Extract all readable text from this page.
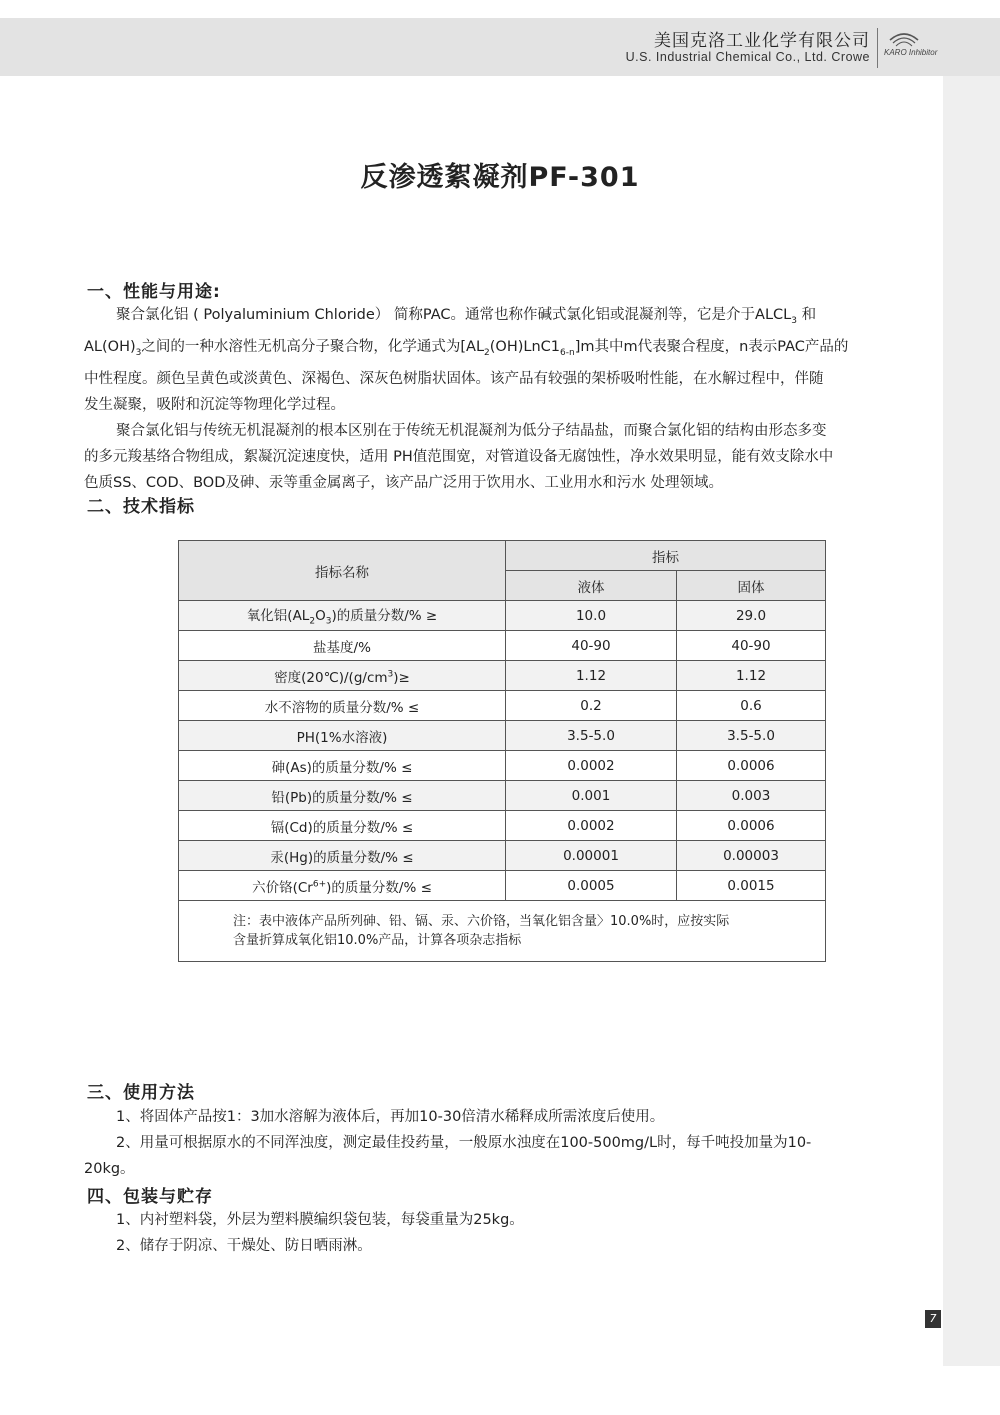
美国克洛工业化学有限公司
U.S. Industrial Chemical Co., Ltd. Crowe KARO Inhibitor
反渗透絮凝剂PF-301
一、性能与用途:

聚合氯化铝 ( Polyaluminium Chloride） 简称PAC。通常也称作碱式氯化铝或混凝剂等，它是介于$ALCL_3$ 和

$AL(OH)_3$之间的一种水溶性无机高分子聚合物，化学通式为$[AL_2(OH)LnC1_{6-n}]m$其中m代表聚合程度，n表示PAC产品的

中性程度。颜色呈黄色或淡黄色、深褐色、深灰色树脂状固体。该产品有较强的架桥吸咐性能，在水解过程中，伴随

发生凝聚，吸附和沉淀等物理化学过程。

聚合氯化铝与传统无机混凝剂的根本区别在于传统无机混凝剂为低分子结晶盐，而聚合氯化铝的结构由形态多变

的多元羧基络合物组成，絮凝沉淀速度快，适用 PH值范围宽，对管道设备无腐蚀性，净水效果明显，能有效支除水中

色质SS、COD、BOD及砷、汞等重金属离子，该产品广泛用于饮用水、工业用水和污水 处理领域。

二、技术指标
指标名称	指标	
	液体	固体
氧化铝$(AL_2O_3)$的质量分数/% ≥	10.0	29.0
盐基度/%	40-90	40-90
密度$(20℃)/(g/cm^3)\ge$	1.12	1.12
水不溶物的质量分数/% ≤	0.2	0.6
PH(1%水溶液)	3.5-5.0	3.5-5.0
砷(As)的质量分数/% ≤	0.0002	0.0006
铅(Pb)的质量分数/% ≤	0.001	0.003
镉(Cd)的质量分数/% ≤	0.0002	0.0006
汞(Hg)的质量分数/% ≤	0.00001	0.00003
六价铬$(Cr^{6+})$的质量分数/% ≤	0.0005	0.0015
注：表中液体产品所列砷、铅、镉、汞、六价铬，当氧化铝含量〉10.0%时，应按实际
含量折算成氧化铝10.0%产品，计算各项杂志指标		
三、使用方法

1、将固体产品按1：3加水溶解为液体后，再加10-30倍清水稀释成所需浓度后使用。

2、用量可根据原水的不同浑浊度，测定最佳投药量，一般原水浊度在100-500mg/L时，每千吨投加量为10-

20kg。

四、包装与贮存

1、内衬塑料袋，外层为塑料膜编织袋包装，每袋重量为25kg。

2、储存于阴凉、干燥处、防日晒雨淋。

7
